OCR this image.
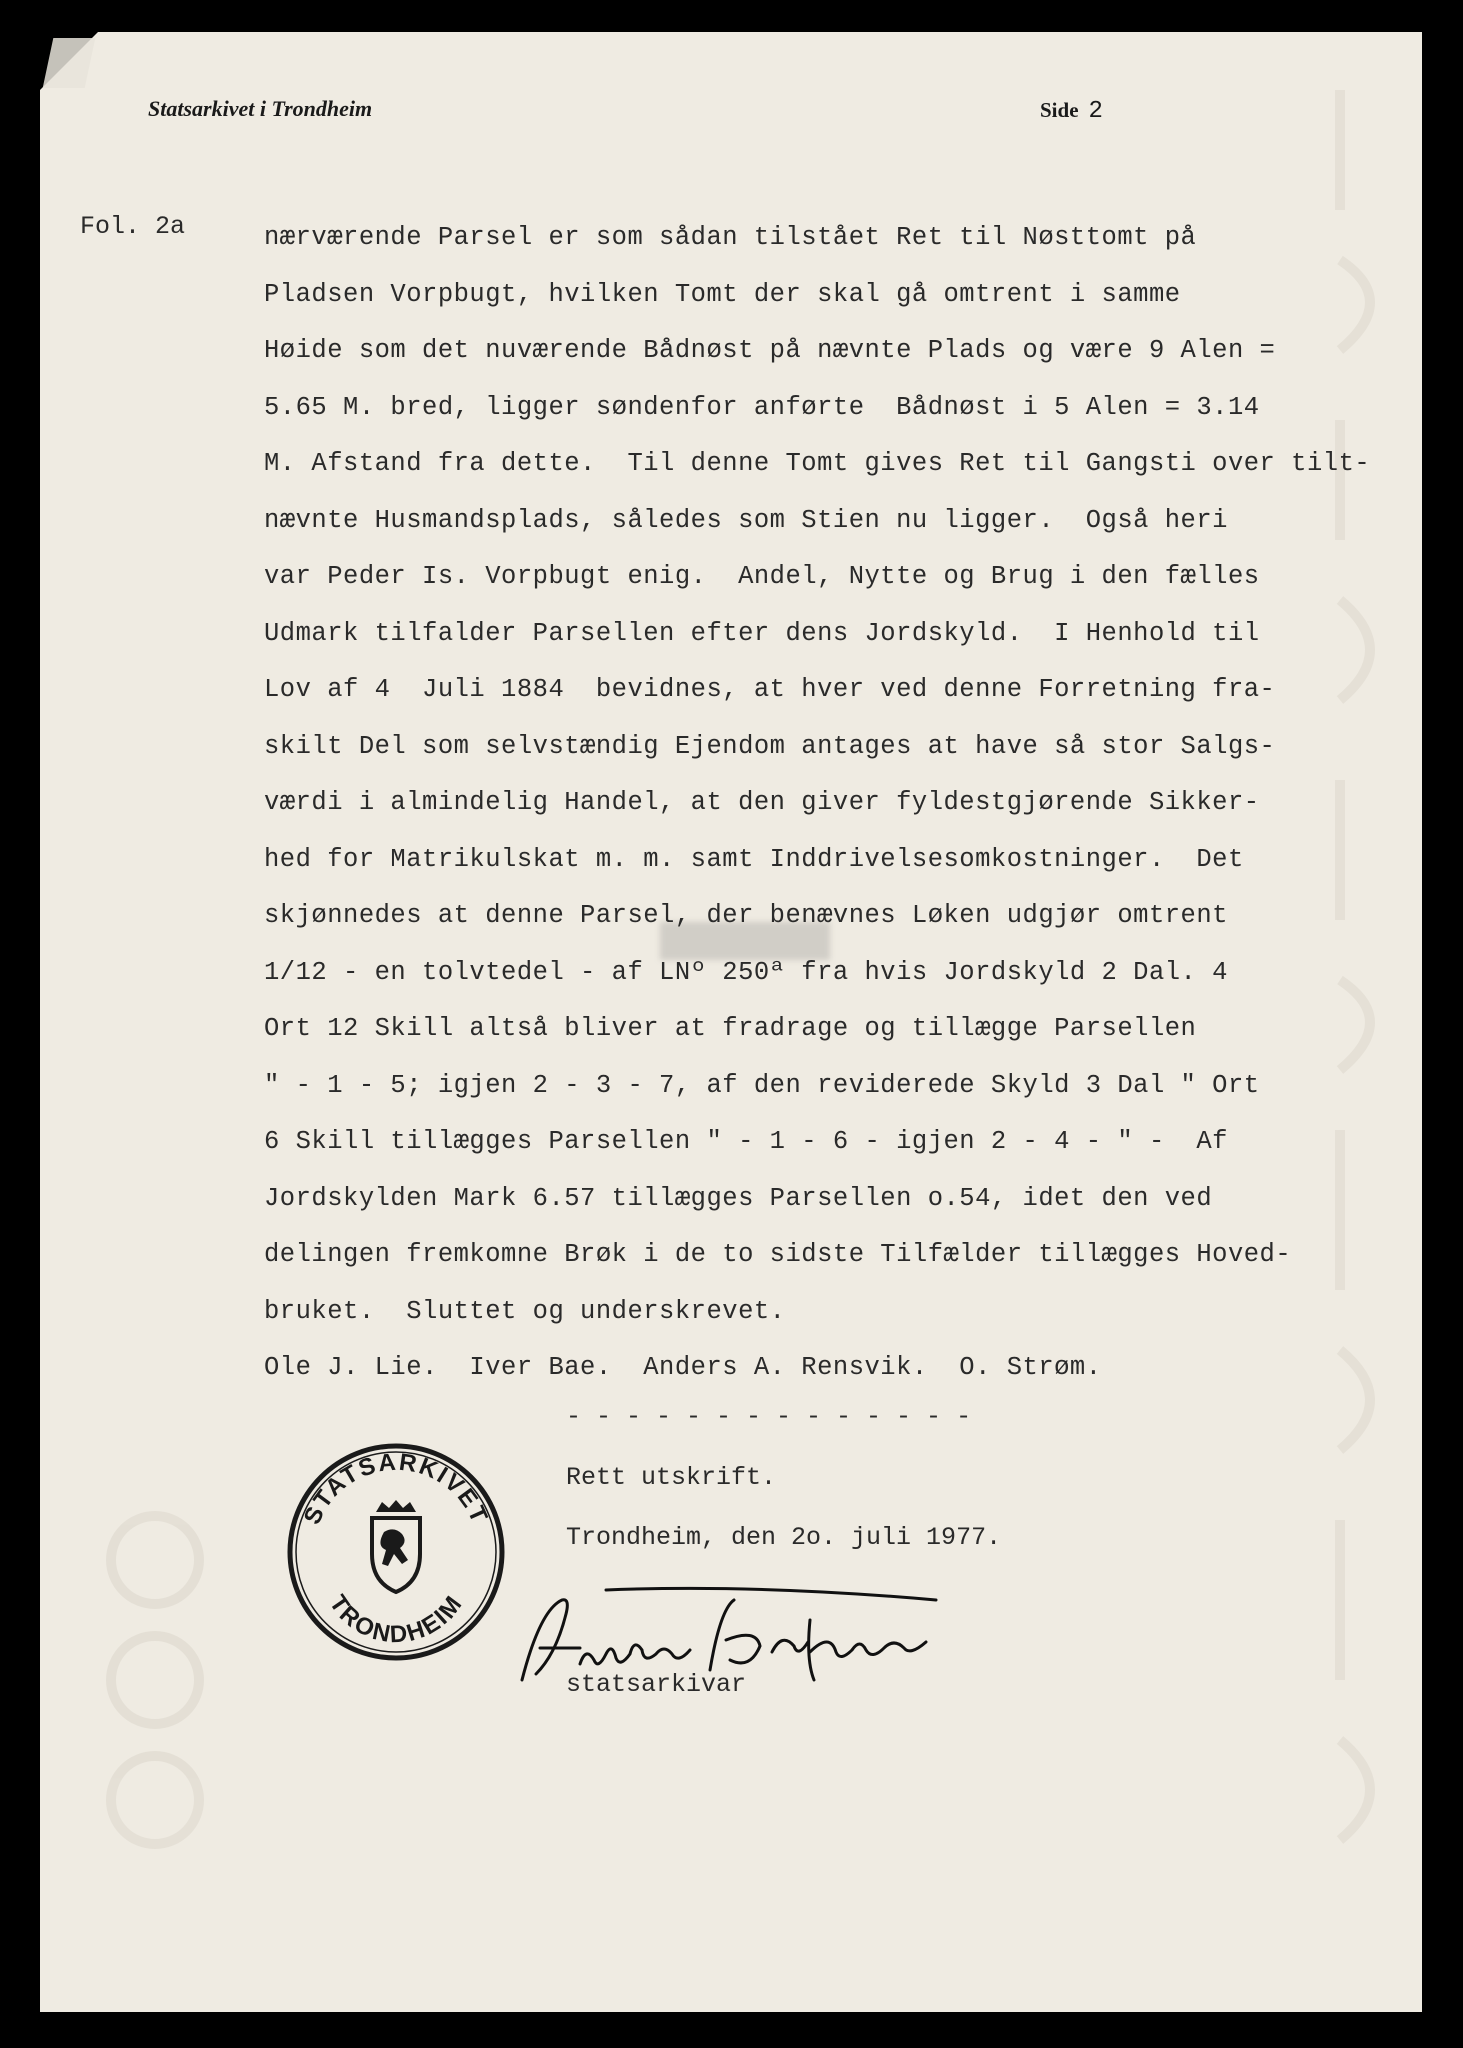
Statsarkivet i Trondheim	Side 2
Fol. 2a	nærværende Parsel er som sådan tilstået Ret til Nøsttomt på
Pladsen Vorpbugt, hvilken Tomt der skal gå omtrent i samme
Høide som det nuværende Bådnøst på nævnte Plads og være 9 Alen =
5.65 M. bred, ligger søndenfor anførte  Bådnøst i 5 Alen = 3.14
M. Afstand fra dette.  Til denne Tomt gives Ret til Gangsti over tilt-
nævnte Husmandsplads, således som Stien nu ligger.  Også heri
var Peder Is. Vorpbugt enig.  Andel, Nytte og Brug i den fælles
Udmark tilfalder Parsellen efter dens Jordskyld.  I Henhold til
Lov af 4  Juli 1884  bevidnes, at hver ved denne Forretning fra-
skilt Del som selvstændig Ejendom antages at have så stor Salgs-
værdi i almindelig Handel, at den giver fyldestgjørende Sikker-
hed for Matrikulskat m. m. samt Inddrivelsesomkostninger.  Det
skjønnedes at denne Parsel, der benævnes Løken udgjør omtrent
1/12 - en tolvtedel - af LNº 250ª fra hvis Jordskyld 2 Dal. 4
Ort 12 Skill altså bliver at fradrage og tillægge Parsellen
" - 1 - 5; igjen 2 - 3 - 7, af den reviderede Skyld 3 Dal " Ort
6 Skill tillægges Parsellen " - 1 - 6 - igjen 2 - 4 - " -  Af
Jordskylden Mark 6.57 tillægges Parsellen o.54, idet den ved
delingen fremkomne Brøk i de to sidste Tilfælder tillægges Hoved-
bruket.  Sluttet og underskrevet.
Ole J. Lie.  Iver Bae.  Anders A. Rensvik.  O. Strøm.
- - - - - - - - - - - - - -
Rett utskrift.
Trondheim, den 2o. juli 1977.
STATSARKIVET
TRONDHEIM
statsarkivar
